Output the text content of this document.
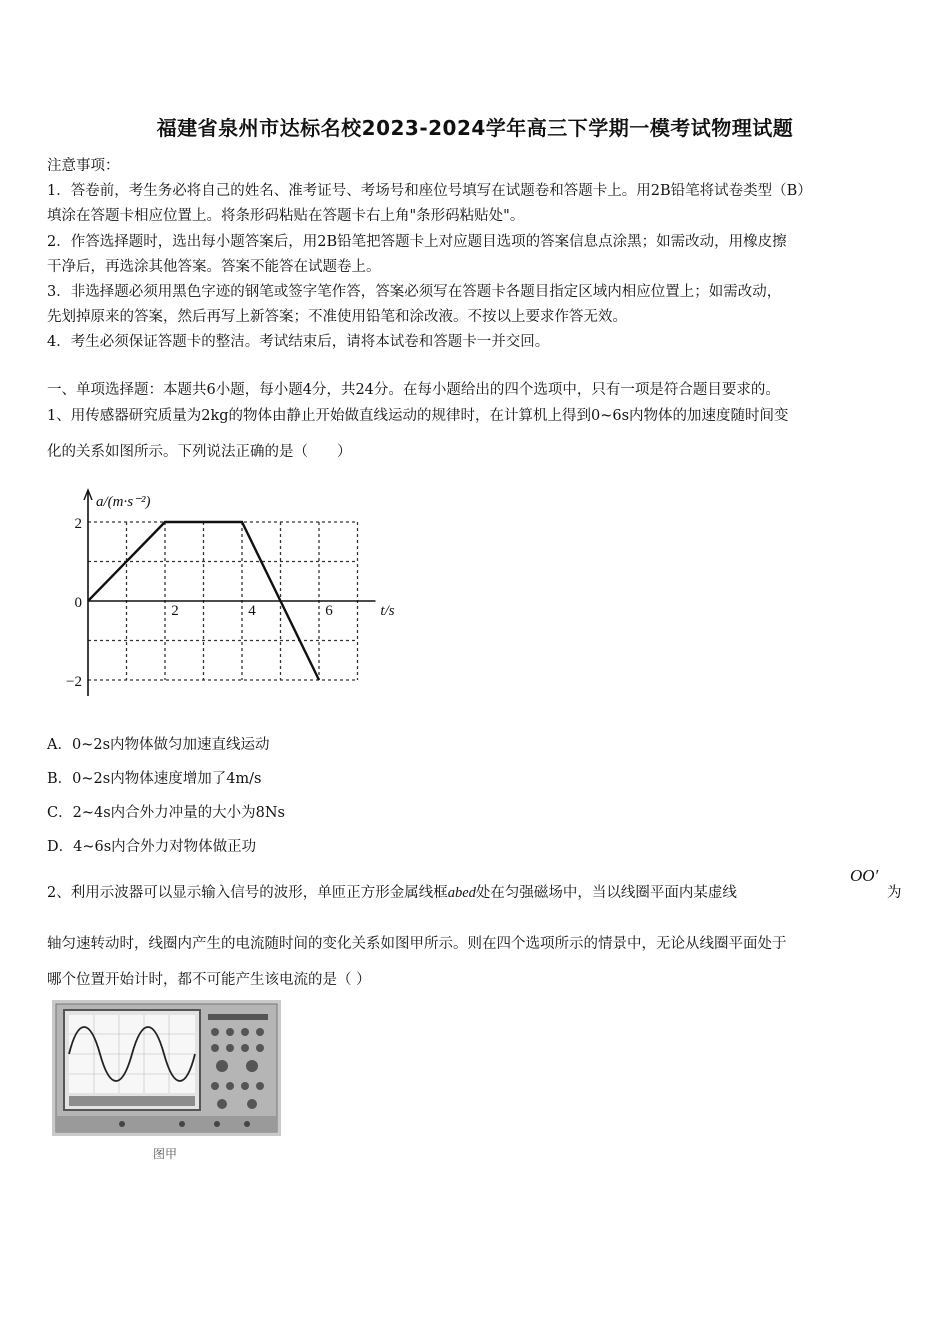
福建省泉州市达标名校2023-2024学年高三下学期一模考试物理试题
注意事项：
1．答卷前，考生务必将自己的姓名、准考证号、考场号和座位号填写在试题卷和答题卡上。用2B铅笔将试卷类型（B）
填涂在答题卡相应位置上。将条形码粘贴在答题卡右上角"条形码粘贴处"。
2．作答选择题时，选出每小题答案后，用2B铅笔把答题卡上对应题目选项的答案信息点涂黑；如需改动，用橡皮擦
干净后，再选涂其他答案。答案不能答在试题卷上。
3．非选择题必须用黑色字迹的钢笔或签字笔作答，答案必须写在答题卡各题目指定区域内相应位置上；如需改动，
先划掉原来的答案，然后再写上新答案；不准使用铅笔和涂改液。不按以上要求作答无效。
4．考生必须保证答题卡的整洁。考试结束后，请将本试卷和答题卡一并交回。
一、单项选择题：本题共6小题，每小题4分，共24分。在每小题给出的四个选项中，只有一项是符合题目要求的。
1、用传感器研究质量为2kg的物体由静止开始做直线运动的规律时，在计算机上得到0~6s内物体的加速度随时间变
化的关系如图所示。下列说法正确的是（　　）
2	4	6
2
0
−2
a/(m·s⁻²)
t/s
A．0~2s内物体做匀加速直线运动
B．0~2s内物体速度增加了4m/s
C．2~4s内合外力冲量的大小为8Ns
D．4~6s内合外力对物体做正功
2、利用示波器可以显示输入信号的波形，单匝正方形金属线框abed处在匀强磁场中，当以线圈平面内某虚线
OO′
为
轴匀速转动时，线圈内产生的电流随时间的变化关系如图甲所示。则在四个选项所示的情景中，无论从线圈平面处于
哪个位置开始计时，都不可能产生该电流的是（ ）
图甲
